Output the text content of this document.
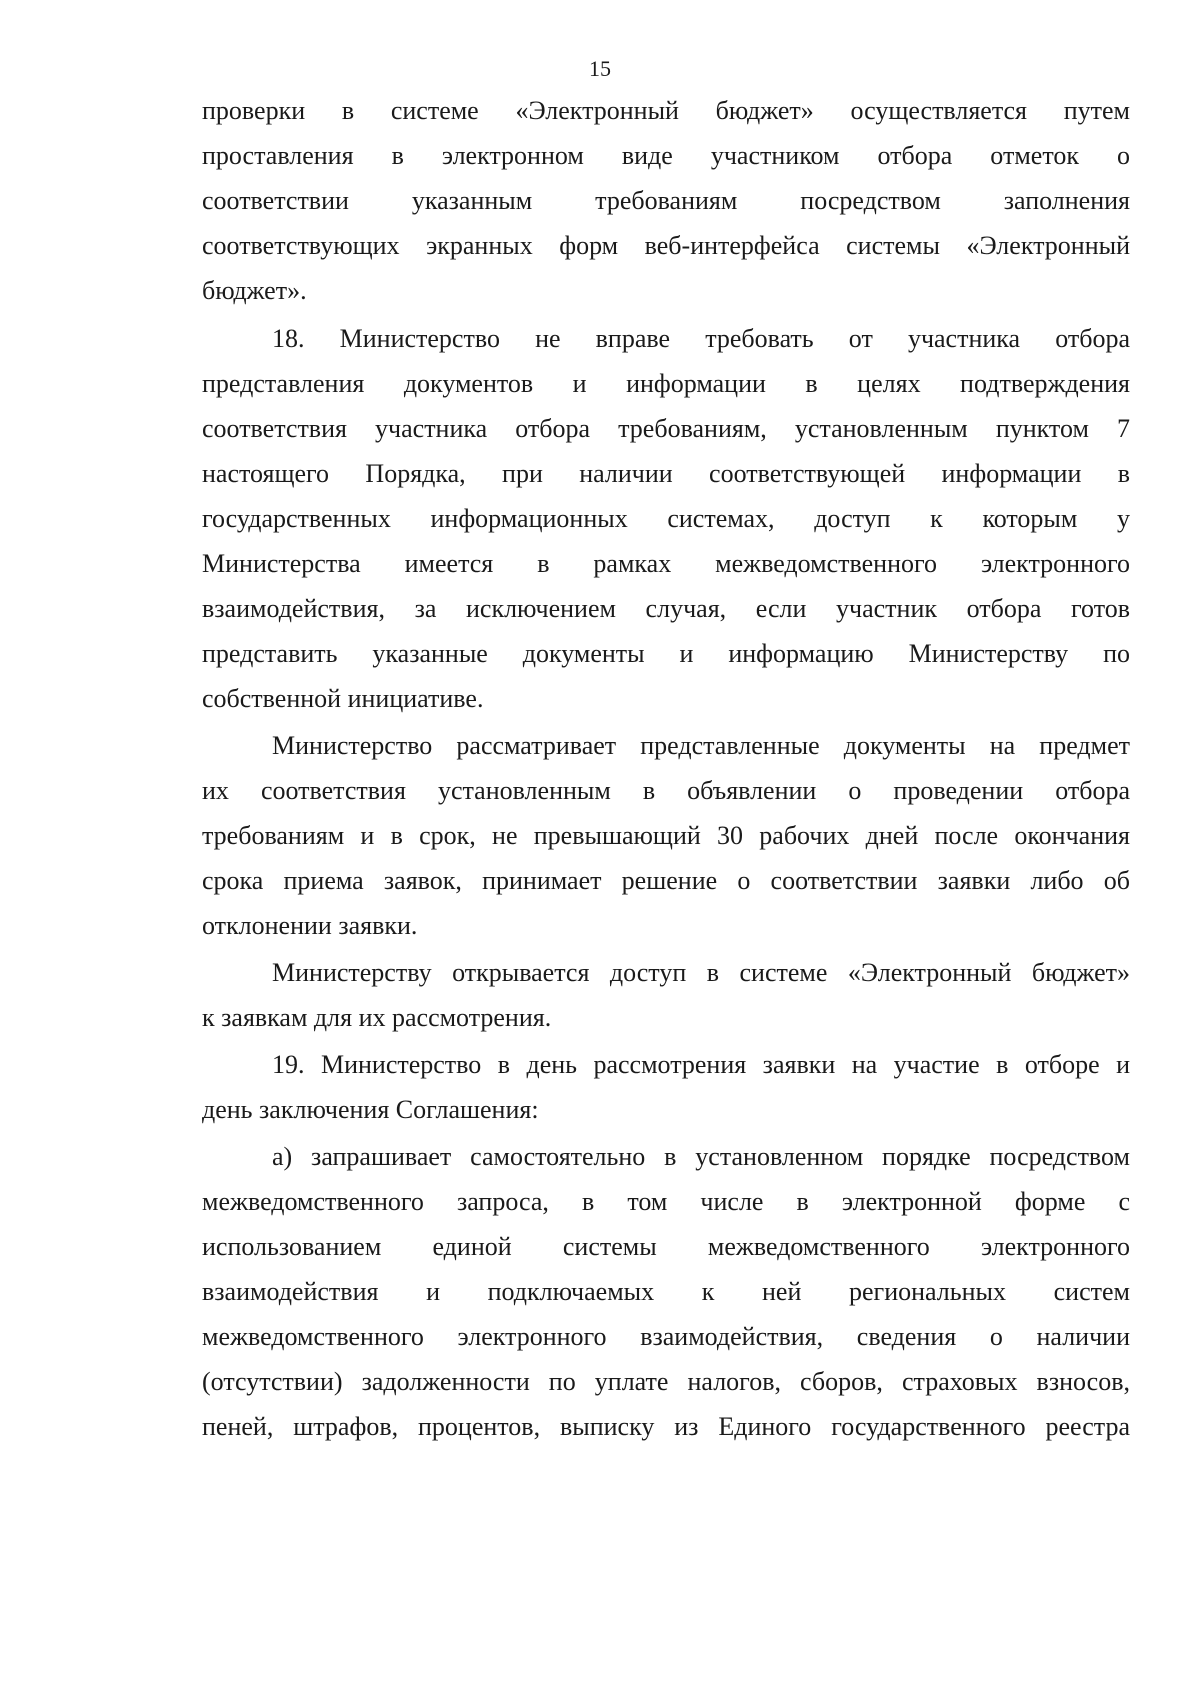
15
проверки в системе «Электронный бюджет» осуществляется путем
проставления в электронном виде участником отбора отметок о
соответствии указанным требованиям посредством заполнения
соответствующих экранных форм веб-интерфейса системы «Электронный
бюджет».
18. Министерство не вправе требовать от участника отбора
представления документов и информации в целях подтверждения
соответствия участника отбора требованиям, установленным пунктом 7
настоящего Порядка, при наличии соответствующей информации в
государственных информационных системах, доступ к которым у
Министерства имеется в рамках межведомственного электронного
взаимодействия, за исключением случая, если участник отбора готов
представить указанные документы и информацию Министерству по
собственной инициативе.
Министерство рассматривает представленные документы на предмет
их соответствия установленным в объявлении о проведении отбора
требованиям и в срок, не превышающий 30 рабочих дней после окончания
срока приема заявок, принимает решение о соответствии заявки либо об
отклонении заявки.
Министерству открывается доступ в системе «Электронный бюджет»
к заявкам для их рассмотрения.
19. Министерство в день рассмотрения заявки на участие в отборе и
день заключения Соглашения:
а) запрашивает самостоятельно в установленном порядке посредством
межведомственного запроса, в том числе в электронной форме с
использованием единой системы межведомственного электронного
взаимодействия и подключаемых к ней региональных систем
межведомственного электронного взаимодействия, сведения о наличии
(отсутствии) задолженности по уплате налогов, сборов, страховых взносов,
пеней, штрафов, процентов, выписку из Единого государственного реестра
